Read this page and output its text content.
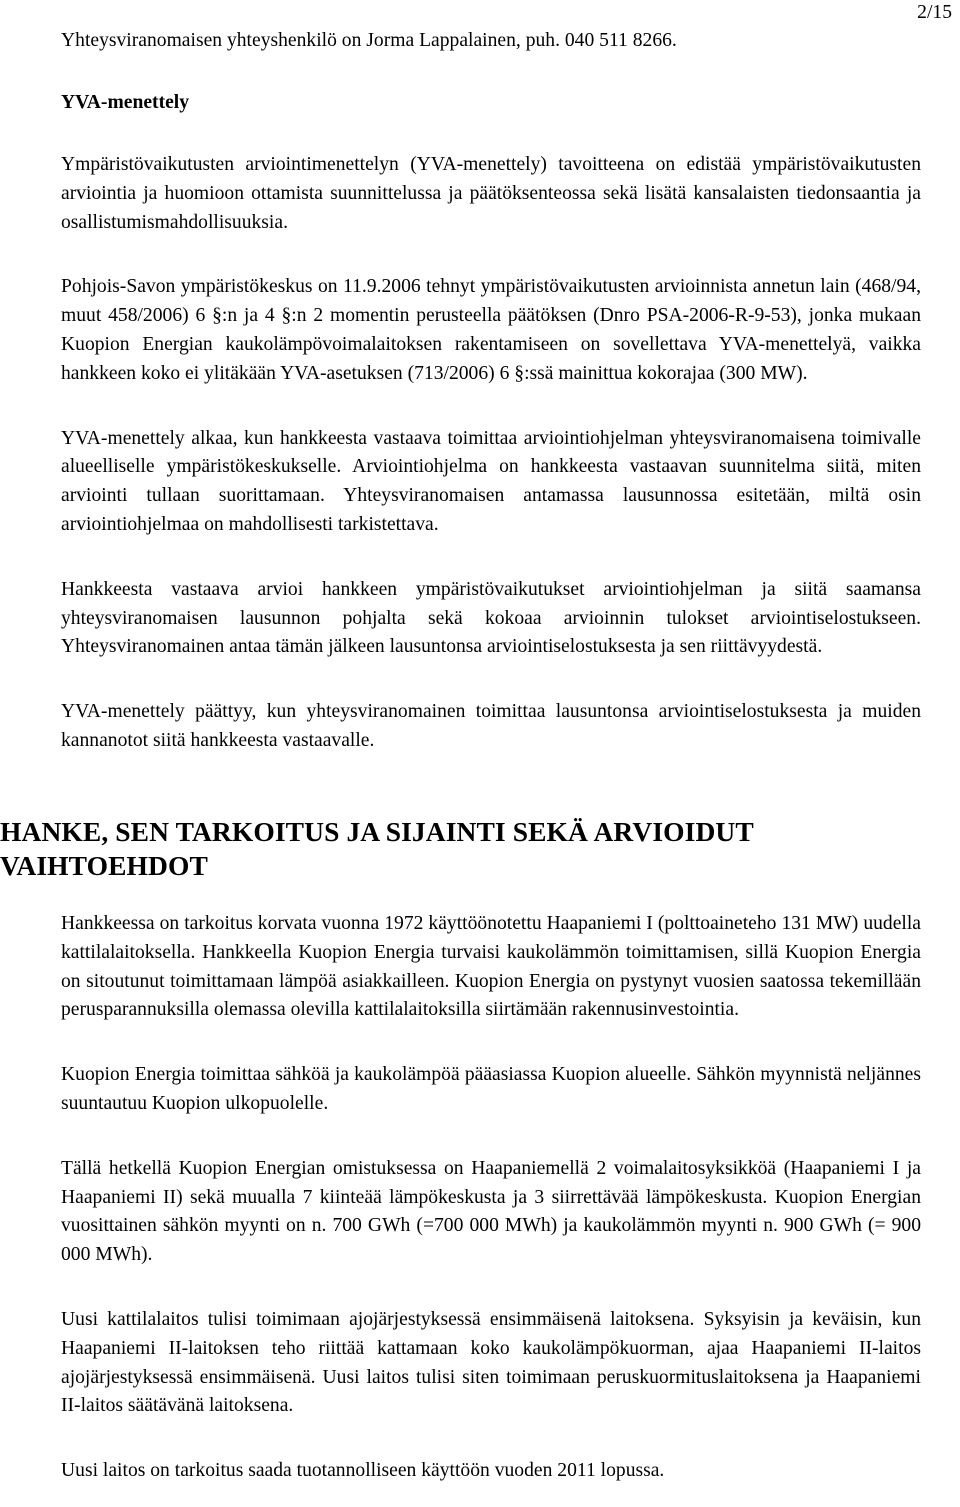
2/15

Yhteysviranomaisen yhteyshenkilö on Jorma Lappalainen, puh. 040 511 8266.

YVA-menettely

Ympäristövaikutusten arviointimenettelyn (YVA-menettely) tavoitteena on edistää ympäristövaikutusten arviointia ja huomioon ottamista suunnittelussa ja päätöksenteossa sekä lisätä kansalaisten tiedonsaantia ja osallistumismahdollisuuksia.

Pohjois-Savon ympäristökeskus on 11.9.2006 tehnyt ympäristövaikutusten arvioinnista annetun lain (468/94, muut 458/2006) 6 §:n ja 4 §:n 2 momentin perusteella päätöksen (Dnro PSA-2006-R-9-53), jonka mukaan Kuopion Energian kaukolämpövoimalaitoksen rakentamiseen on sovellettava YVA-menettelyä, vaikka hankkeen koko ei ylitäkään YVA-asetuksen (713/2006) 6 §:ssä mainittua kokorajaa (300 MW).

YVA-menettely alkaa, kun hankkeesta vastaava toimittaa arviointiohjelman yhteysviranomaisena toimivalle alueelliselle ympäristökeskukselle. Arviointiohjelma on hankkeesta vastaavan suunnitelma siitä, miten arviointi tullaan suorittamaan. Yhteysviranomaisen antamassa lausunnossa esitetään, miltä osin arviointiohjelmaa on mahdollisesti tarkistettava.

Hankkeesta vastaava arvioi hankkeen ympäristövaikutukset arviointiohjelman ja siitä saamansa yhteysviranomaisen lausunnon pohjalta sekä kokoaa arvioinnin tulokset arviointiselostukseen. Yhteysviranomainen antaa tämän jälkeen lausuntonsa arviointiselostuksesta ja sen riittävyydestä.

YVA-menettely päättyy, kun yhteysviranomainen toimittaa lausuntonsa arviointiselostuksesta ja muiden kannanotot siitä hankkeesta vastaavalle.

HANKE, SEN TARKOITUS JA SIJAINTI SEKÄ ARVIOIDUT VAIHTOEHDOT

Hankkeessa on tarkoitus korvata vuonna 1972 käyttöönotettu Haapaniemi I (polttoaineteho 131 MW) uudella kattilalaitoksella. Hankkeella Kuopion Energia turvaisi kaukolämmön toimittamisen, sillä Kuopion Energia on sitoutunut toimittamaan lämpöä asiakkailleen. Kuopion Energia on pystynyt vuosien saatossa tekemillään perusparannuksilla olemassa olevilla kattilalaitoksilla siirtämään rakennusinvestointia.

Kuopion Energia toimittaa sähköä ja kaukolämpöä pääasiassa Kuopion alueelle. Sähkön myynnistä neljännes suuntautuu Kuopion ulkopuolelle.

Tällä hetkellä Kuopion Energian omistuksessa on Haapaniemellä 2 voimalaitosyksikköä (Haapaniemi I ja Haapaniemi II) sekä muualla 7 kiinteää lämpökeskusta ja 3 siirrettävää lämpökeskusta. Kuopion Energian vuosittainen sähkön myynti on n. 700 GWh (=700 000 MWh) ja kaukolämmön myynti n. 900 GWh (= 900 000 MWh).

Uusi kattilalaitos tulisi toimimaan ajojärjestyksessä ensimmäisenä laitoksena. Syksyisin ja keväisin, kun Haapaniemi II-laitoksen teho riittää kattamaan koko kaukolämpökuorman, ajaa Haapaniemi II-laitos ajojärjestyksessä ensimmäisenä. Uusi laitos tulisi siten toimimaan peruskuormituslaitoksena ja Haapaniemi II-laitos säätävänä laitoksena.

Uusi laitos on tarkoitus saada tuotannolliseen käyttöön vuoden 2011 lopussa.
